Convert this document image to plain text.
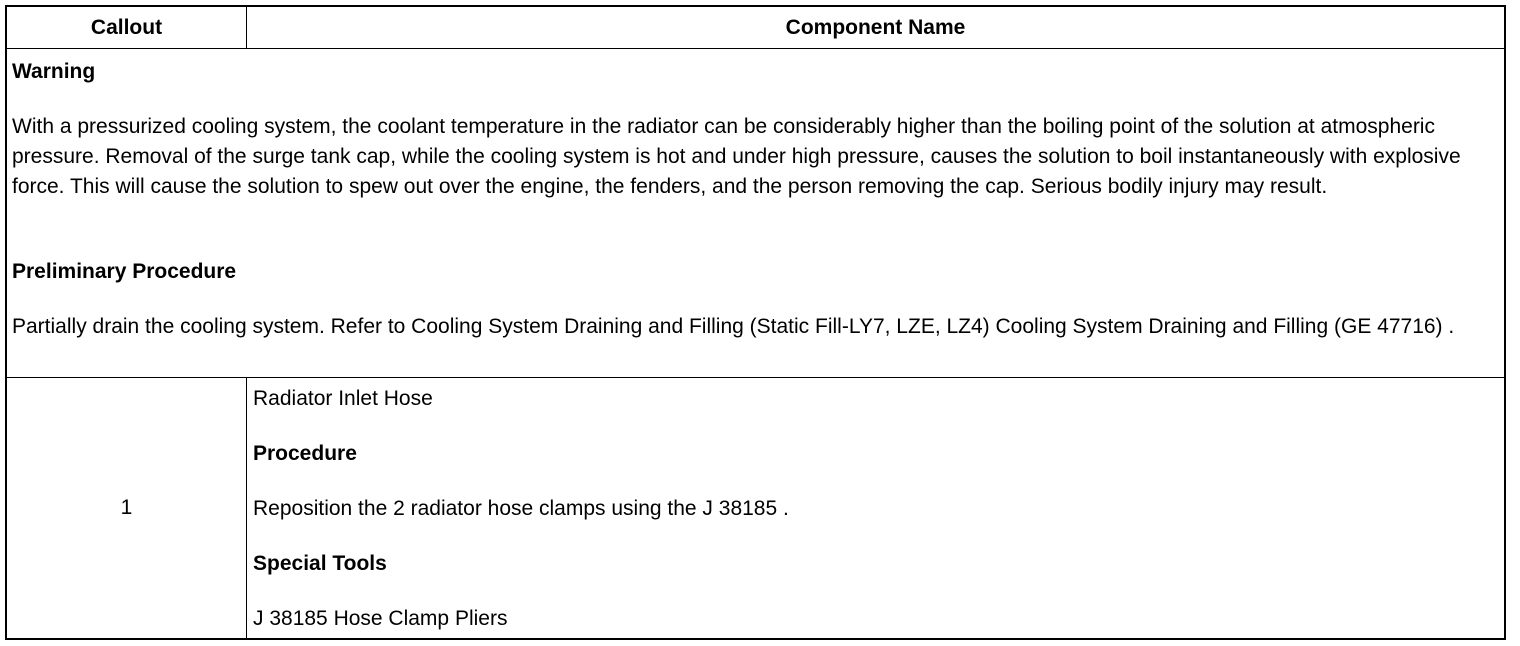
Callout	Component Name
Warning
With a pressurized cooling system, the coolant temperature in the radiator can be considerably higher than the boiling point of the solution at atmospheric pressure. Removal of the surge tank cap, while the cooling system is hot and under high pressure, causes the solution to boil instantaneously with explosive force. This will cause the solution to spew out over the engine, the fenders, and the person removing the cap. Serious bodily injury may result.
Preliminary Procedure
Partially drain the cooling system. Refer to Cooling System Draining and Filling (Static Fill-LY7, LZE, LZ4) Cooling System Draining and Filling (GE 47716) .
1
Radiator Inlet Hose
Procedure
Reposition the 2 radiator hose clamps using the J 38185 .
Special Tools
J 38185 Hose Clamp Pliers
